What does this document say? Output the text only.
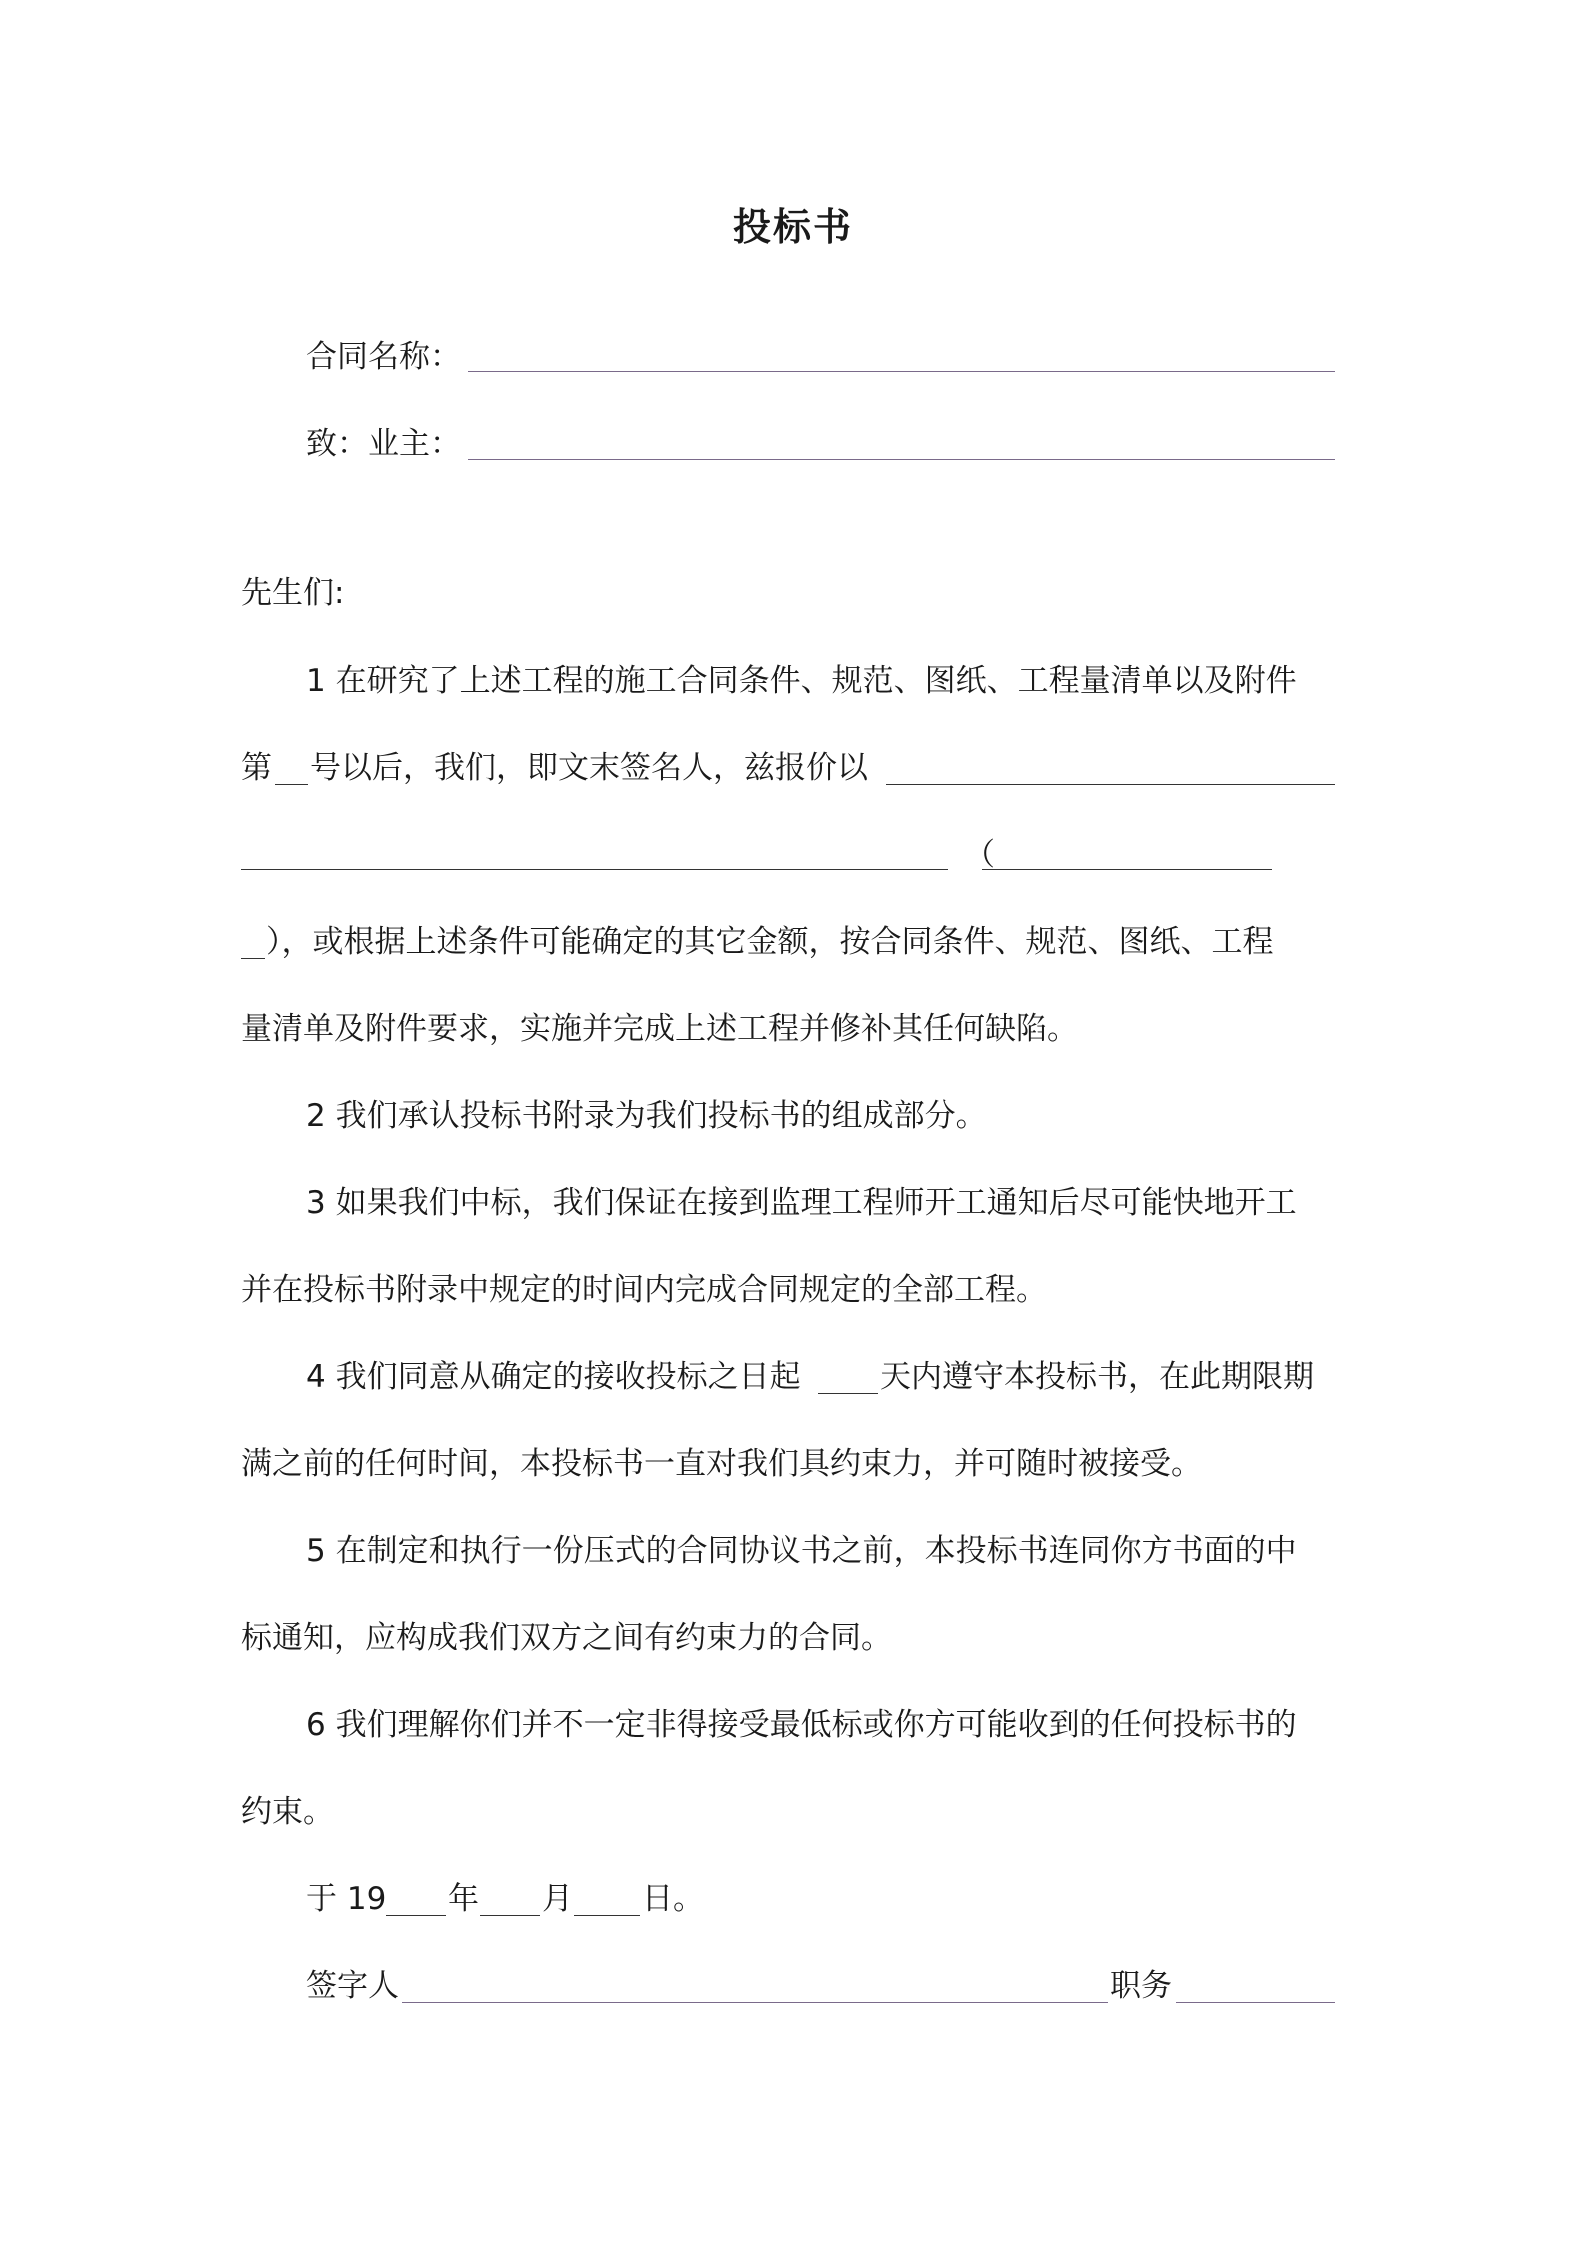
投标书
合同名称：
致：业主：
先生们:
1 在研究了上述工程的施工合同条件、规范、图纸、工程量清单以及附件
第 号以后，我们，即文末签名人，兹报价以
（
），或根据上述条件可能确定的其它金额，按合同条件、规范、图纸、工程
量清单及附件要求，实施并完成上述工程并修补其任何缺陷。
2 我们承认投标书附录为我们投标书的组成部分。
3 如果我们中标，我们保证在接到监理工程师开工通知后尽可能快地开工
并在投标书附录中规定的时间内完成合同规定的全部工程。
4 我们同意从确定的接收投标之日起	天内遵守本投标书，在此期限期
满之前的任何时间，本投标书一直对我们具约束力，并可随时被接受。
5 在制定和执行一份压式的合同协议书之前，本投标书连同你方书面的中
标通知，应构成我们双方之间有约束力的合同。
6 我们理解你们并不一定非得接受最低标或你方可能收到的任何投标书的
约束。
于 19 年 月 日。
签字人	职务
